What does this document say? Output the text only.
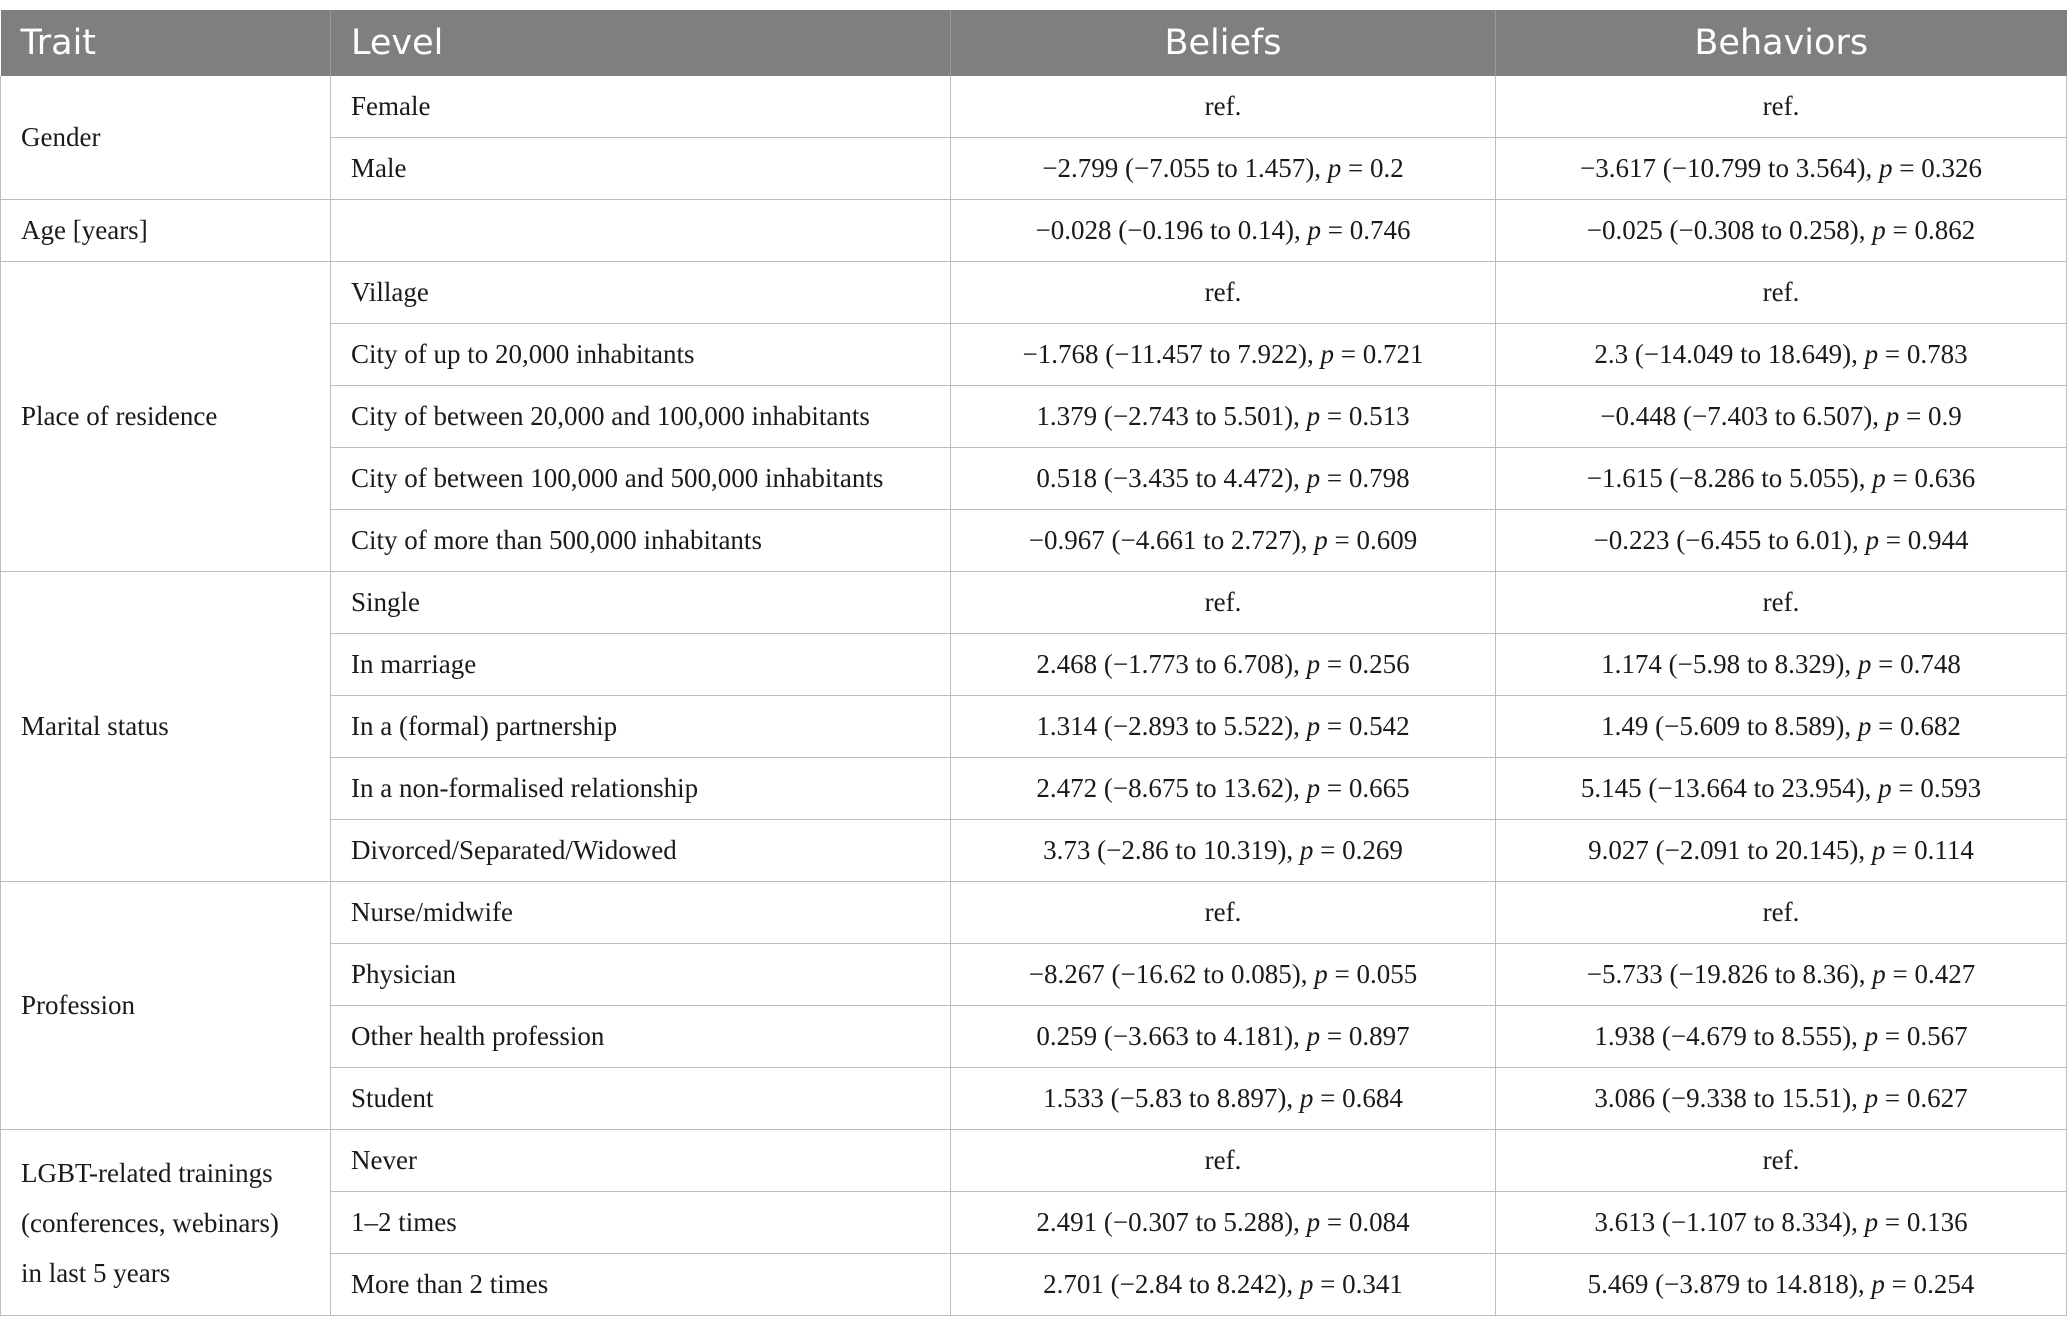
Trait	Level	Beliefs	Behaviors
Gender	Female	ref.	ref.
	Male	−2.799 (−7.055 to 1.457), p = 0.2	−3.617 (−10.799 to 3.564), p = 0.326
Age [years]		−0.028 (−0.196 to 0.14), p = 0.746	−0.025 (−0.308 to 0.258), p = 0.862
Place of residence	Village	ref.	ref.
	City of up to 20,000 inhabitants	−1.768 (−11.457 to 7.922), p = 0.721	2.3 (−14.049 to 18.649), p = 0.783
	City of between 20,000 and 100,000 inhabitants	1.379 (−2.743 to 5.501), p = 0.513	−0.448 (−7.403 to 6.507), p = 0.9
	City of between 100,000 and 500,000 inhabitants	0.518 (−3.435 to 4.472), p = 0.798	−1.615 (−8.286 to 5.055), p = 0.636
	City of more than 500,000 inhabitants	−0.967 (−4.661 to 2.727), p = 0.609	−0.223 (−6.455 to 6.01), p = 0.944
Marital status	Single	ref.	ref.
	In marriage	2.468 (−1.773 to 6.708), p = 0.256	1.174 (−5.98 to 8.329), p = 0.748
	In a (formal) partnership	1.314 (−2.893 to 5.522), p = 0.542	1.49 (−5.609 to 8.589), p = 0.682
	In a non-formalised relationship	2.472 (−8.675 to 13.62), p = 0.665	5.145 (−13.664 to 23.954), p = 0.593
	Divorced/Separated/Widowed	3.73 (−2.86 to 10.319), p = 0.269	9.027 (−2.091 to 20.145), p = 0.114
Profession	Nurse/midwife	ref.	ref.
	Physician	−8.267 (−16.62 to 0.085), p = 0.055	−5.733 (−19.826 to 8.36), p = 0.427
	Other health profession	0.259 (−3.663 to 4.181), p = 0.897	1.938 (−4.679 to 8.555), p = 0.567
	Student	1.533 (−5.83 to 8.897), p = 0.684	3.086 (−9.338 to 15.51), p = 0.627
LGBT-related trainings
(conferences, webinars)
in last 5 years	Never	ref.	ref.
	1–2 times	2.491 (−0.307 to 5.288), p = 0.084	3.613 (−1.107 to 8.334), p = 0.136
	More than 2 times	2.701 (−2.84 to 8.242), p = 0.341	5.469 (−3.879 to 14.818), p = 0.254
